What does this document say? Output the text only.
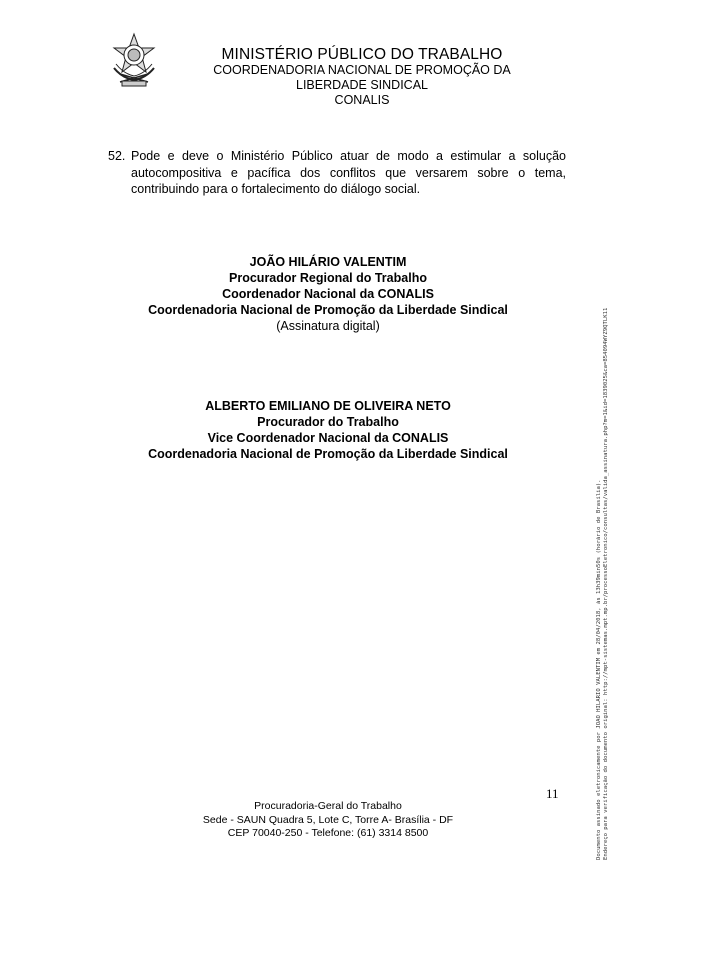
MINISTÉRIO PÚBLICO DO TRABALHO
COORDENADORIA NACIONAL DE PROMOÇÃO DA
LIBERDADE SINDICAL
CONALIS
52. Pode e deve o Ministério Público atuar de modo a estimular a solução autocompositiva e pacífica dos conflitos que versarem sobre o tema, contribuindo para o fortalecimento do diálogo social.
JOÃO HILÁRIO VALENTIM
Procurador Regional do Trabalho
Coordenador Nacional da CONALIS
Coordenadoria Nacional de Promoção da Liberdade Sindical
(Assinatura digital)
ALBERTO EMILIANO DE OLIVEIRA NETO
Procurador do Trabalho
Vice Coordenador Nacional da CONALIS
Coordenadoria Nacional de Promoção da Liberdade Sindical
11
Procuradoria-Geral do Trabalho
Sede - SAUN Quadra 5, Lote C, Torre A- Brasília - DF
CEP 70040-250 - Telefone: (61) 3314 8500	Documento assinado eletronicamente por JOÃO HILÁRIO VALENTIM em 28/04/2018, às 13h39min50s (horário de Brasília). Endereço para verificação do documento original: http://mpt-sistemas.mpt.mp.br/processoEletronico/consultas/valida_assinatura.php?m=1&id=1839025&ca=854094WYZ9QTLK11
